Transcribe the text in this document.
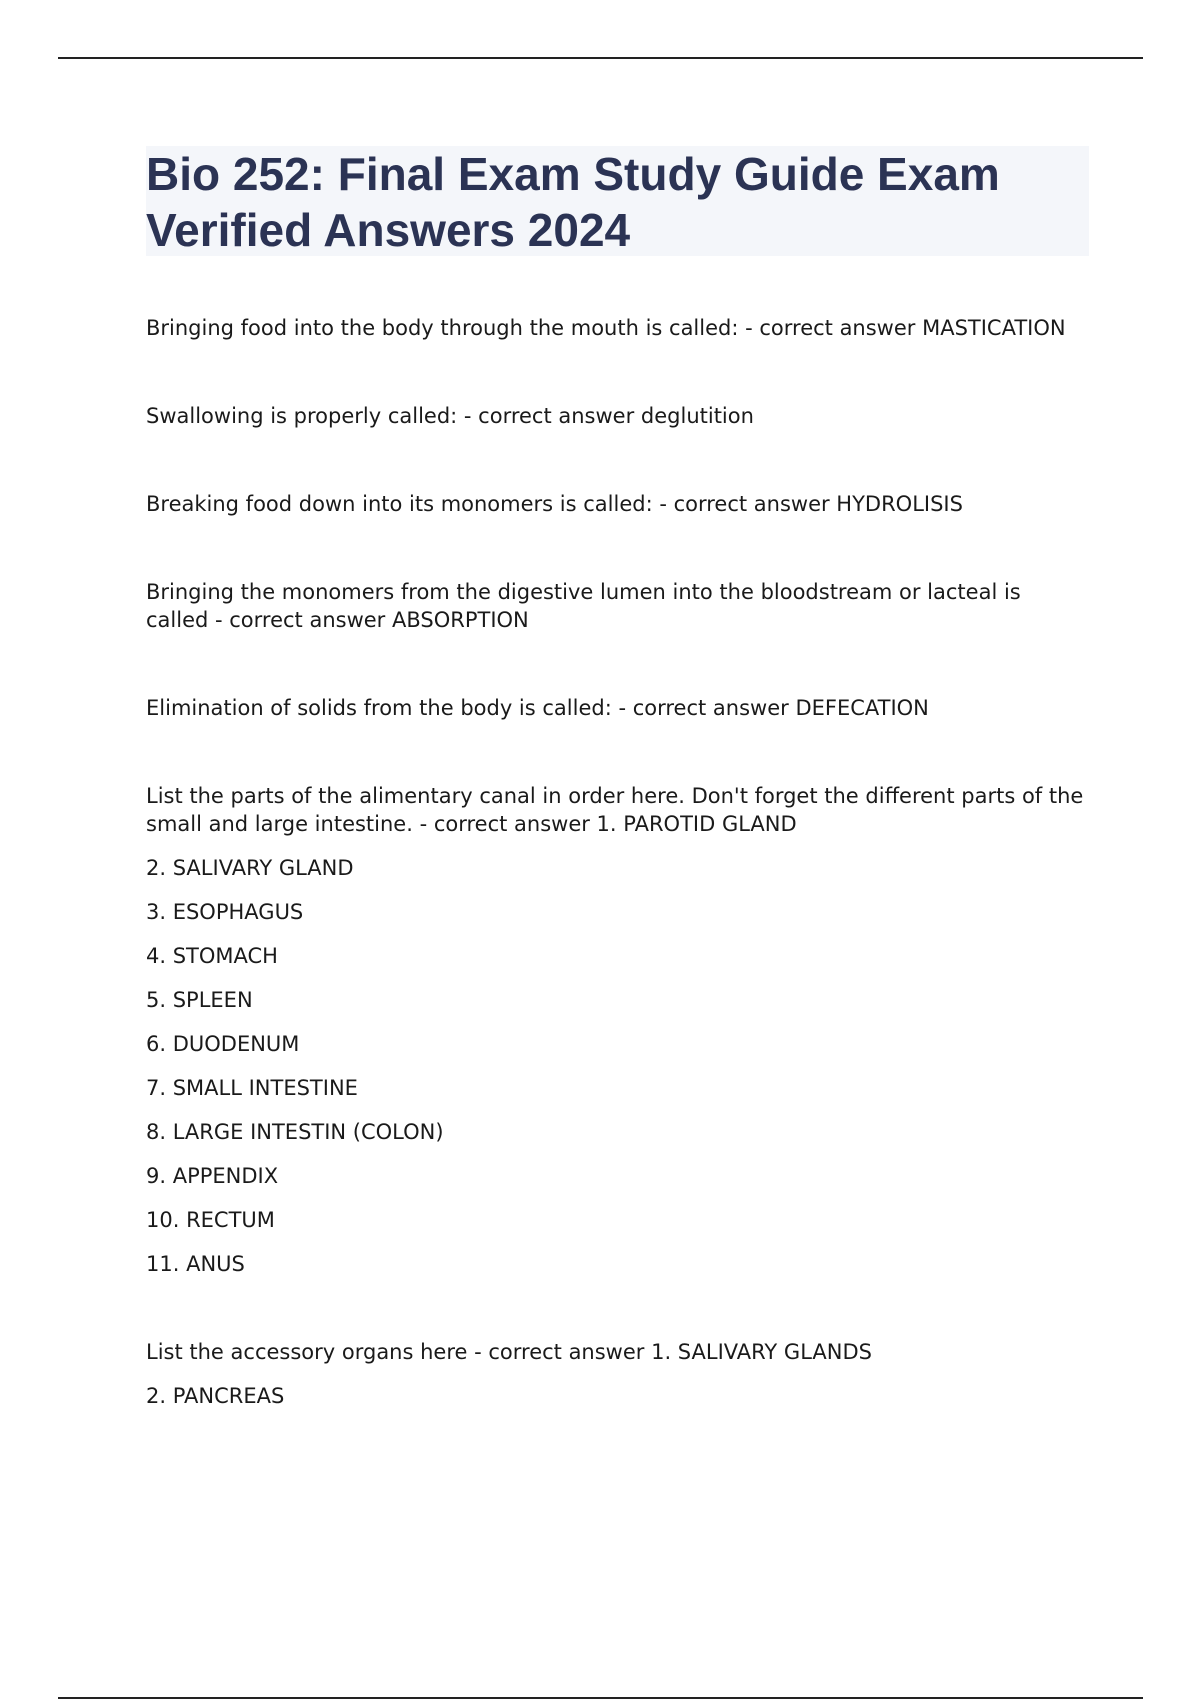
Bio 252: Final Exam Study Guide Exam Verified Answers 2024

Bringing food into the body through the mouth is called: - correct answer MASTICATION

Swallowing is properly called: - correct answer deglutition

Breaking food down into its monomers is called: - correct answer HYDROLISIS

Bringing the monomers from the digestive lumen into the bloodstream or lacteal is called - correct answer ABSORPTION

Elimination of solids from the body is called: - correct answer DEFECATION

List the parts of the alimentary canal in order here. Don't forget the different parts of the small and large intestine. - correct answer 1. PAROTID GLAND

2. SALIVARY GLAND

3. ESOPHAGUS

4. STOMACH

5. SPLEEN

6. DUODENUM

7. SMALL INTESTINE

8. LARGE INTESTIN (COLON)

9. APPENDIX

10. RECTUM

11. ANUS

List the accessory organs here - correct answer 1. SALIVARY GLANDS

2. PANCREAS
